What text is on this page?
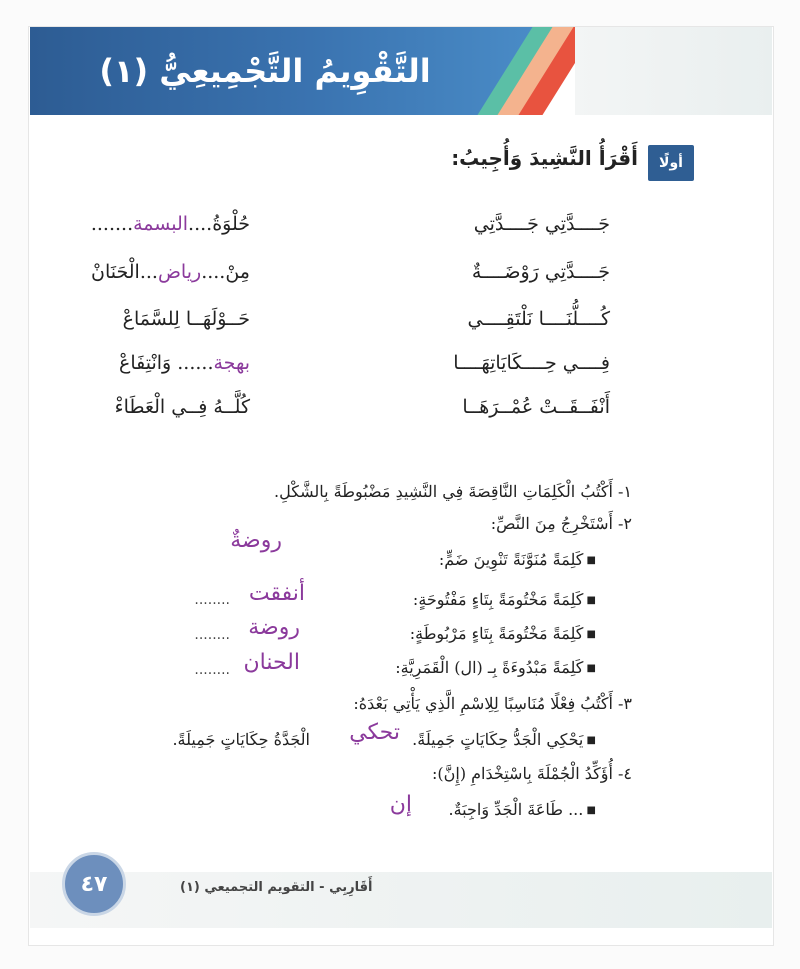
التَّقْوِيمُ التَّجْمِيعِيُّ (١)
أولًا
أَقْرَأُ النَّشِيدَ وَأُجِيبُ:
جَــــدَّتِي جَــــدَّتِي
حُلْوَةُ....البسمة.......
جَــــدَّتِي رَوْضَــــةٌ
مِنْ....رياض...الْحَنَانْ
كُــــلُّنَــــا نَلْتَقِــــي
حَــوْلَهَــا لِلسَّمَاعْ
فِــــي حِــــكَايَاتِهَــــا
بهجة...... وَانْتِفَاعْ
أَنْفَــقَــتْ عُمْــرَهَــا
كُلَّــهُ فِــي الْعَطَاءْ
١- أَكْتُبُ الْكَلِمَاتِ النَّاقِصَةَ فِي النَّشِيدِ مَضْبُوطَةً بِالشَّكْلِ.
٢- أَسْتَخْرِجُ مِنَ النَّصِّ:
روضةٌ
■ كَلِمَةً مُنَوَّنَةً تَنْوِينَ ضَمٍّ:
■ كَلِمَةً مَخْتُومَةً بِتَاءٍ مَفْتُوحَةٍ:
أنفقت
........
■ كَلِمَةً مَخْتُومَةً بِتَاءٍ مَرْبُوطَةٍ:
روضة
........
■ كَلِمَةً مَبْدُوءَةً بِـ (ال) الْقَمَرِيَّةِ:
الحنان
........
٣- أَكْتُبُ فِعْلًا مُنَاسِبًا لِلِاسْمِ الَّذِي يَأْتِي بَعْدَهُ:
■ يَحْكِي الْجَدُّ حِكَايَاتٍ جَمِيلَةً.
تحكي
الْجَدَّةُ حِكَايَاتٍ جَمِيلَةً.
٤- أُؤَكِّدُ الْجُمْلَةَ بِاسْتِخْدَامِ (إِنَّ):
■ ... طَاعَةَ الْجَدِّ وَاجِبَةٌ.
إن
٤٧	أَقَارِبِي - التقويم التجميعي (١)
